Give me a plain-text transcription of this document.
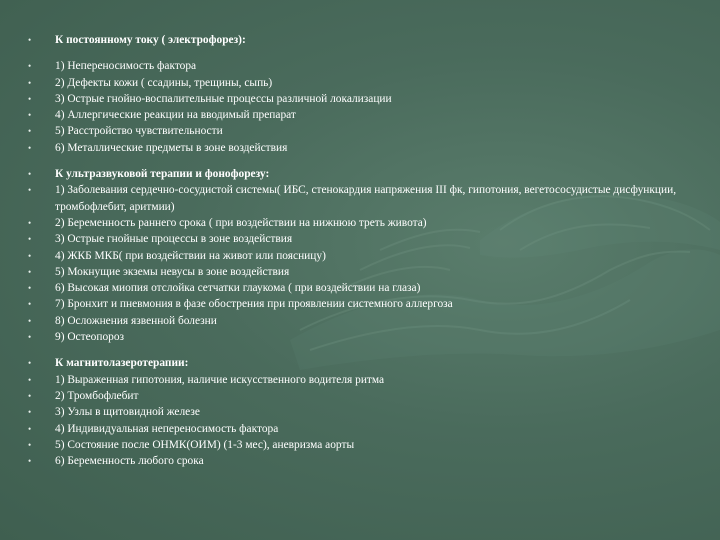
•	К постоянному току ( электрофорез):
•	1) Непереносимость фактора
•	2) Дефекты кожи ( ссадины, трещины, сыпь)
•	3) Острые гнойно-воспалительные процессы различной локализации
•	4) Аллергические реакции на вводимый препарат
•	5) Расстройство чувствительности
•	6) Металлические предметы в зоне воздействия
•	К ультразвуковой терапии и фонофорезу:
•	1) Заболевания сердечно-сосудистой системы( ИБС, стенокардия напряжения III фк, гипотония, вегетососудистые дисфункции, тромбофлебит, аритмии)
•	2) Беременность раннего срока ( при воздействии на нижнюю треть живота)
•	3) Острые гнойные процессы в зоне воздействия
•	4) ЖКБ МКБ( при воздействии на живот или поясницу)
•	5) Мокнущие экземы невусы в зоне воздействия
•	6) Высокая миопия отслойка сетчатки глаукома ( при воздействии на глаза)
•	7) Бронхит и пневмония в фазе обострения при проявлении системного аллергоза
•	8) Осложнения язвенной болезни
•	9) Остеопороз
•	К магнитолазеротерапии:
•	1) Выраженная гипотония, наличие искусственного водителя ритма
•	2) Тромбофлебит
•	3) Узлы в щитовидной железе
•	4) Индивидуальная непереносимость фактора
•	5) Состояние после ОНМК(ОИМ) (1-3 мес), аневризма аорты
•	6) Беременность любого срока
